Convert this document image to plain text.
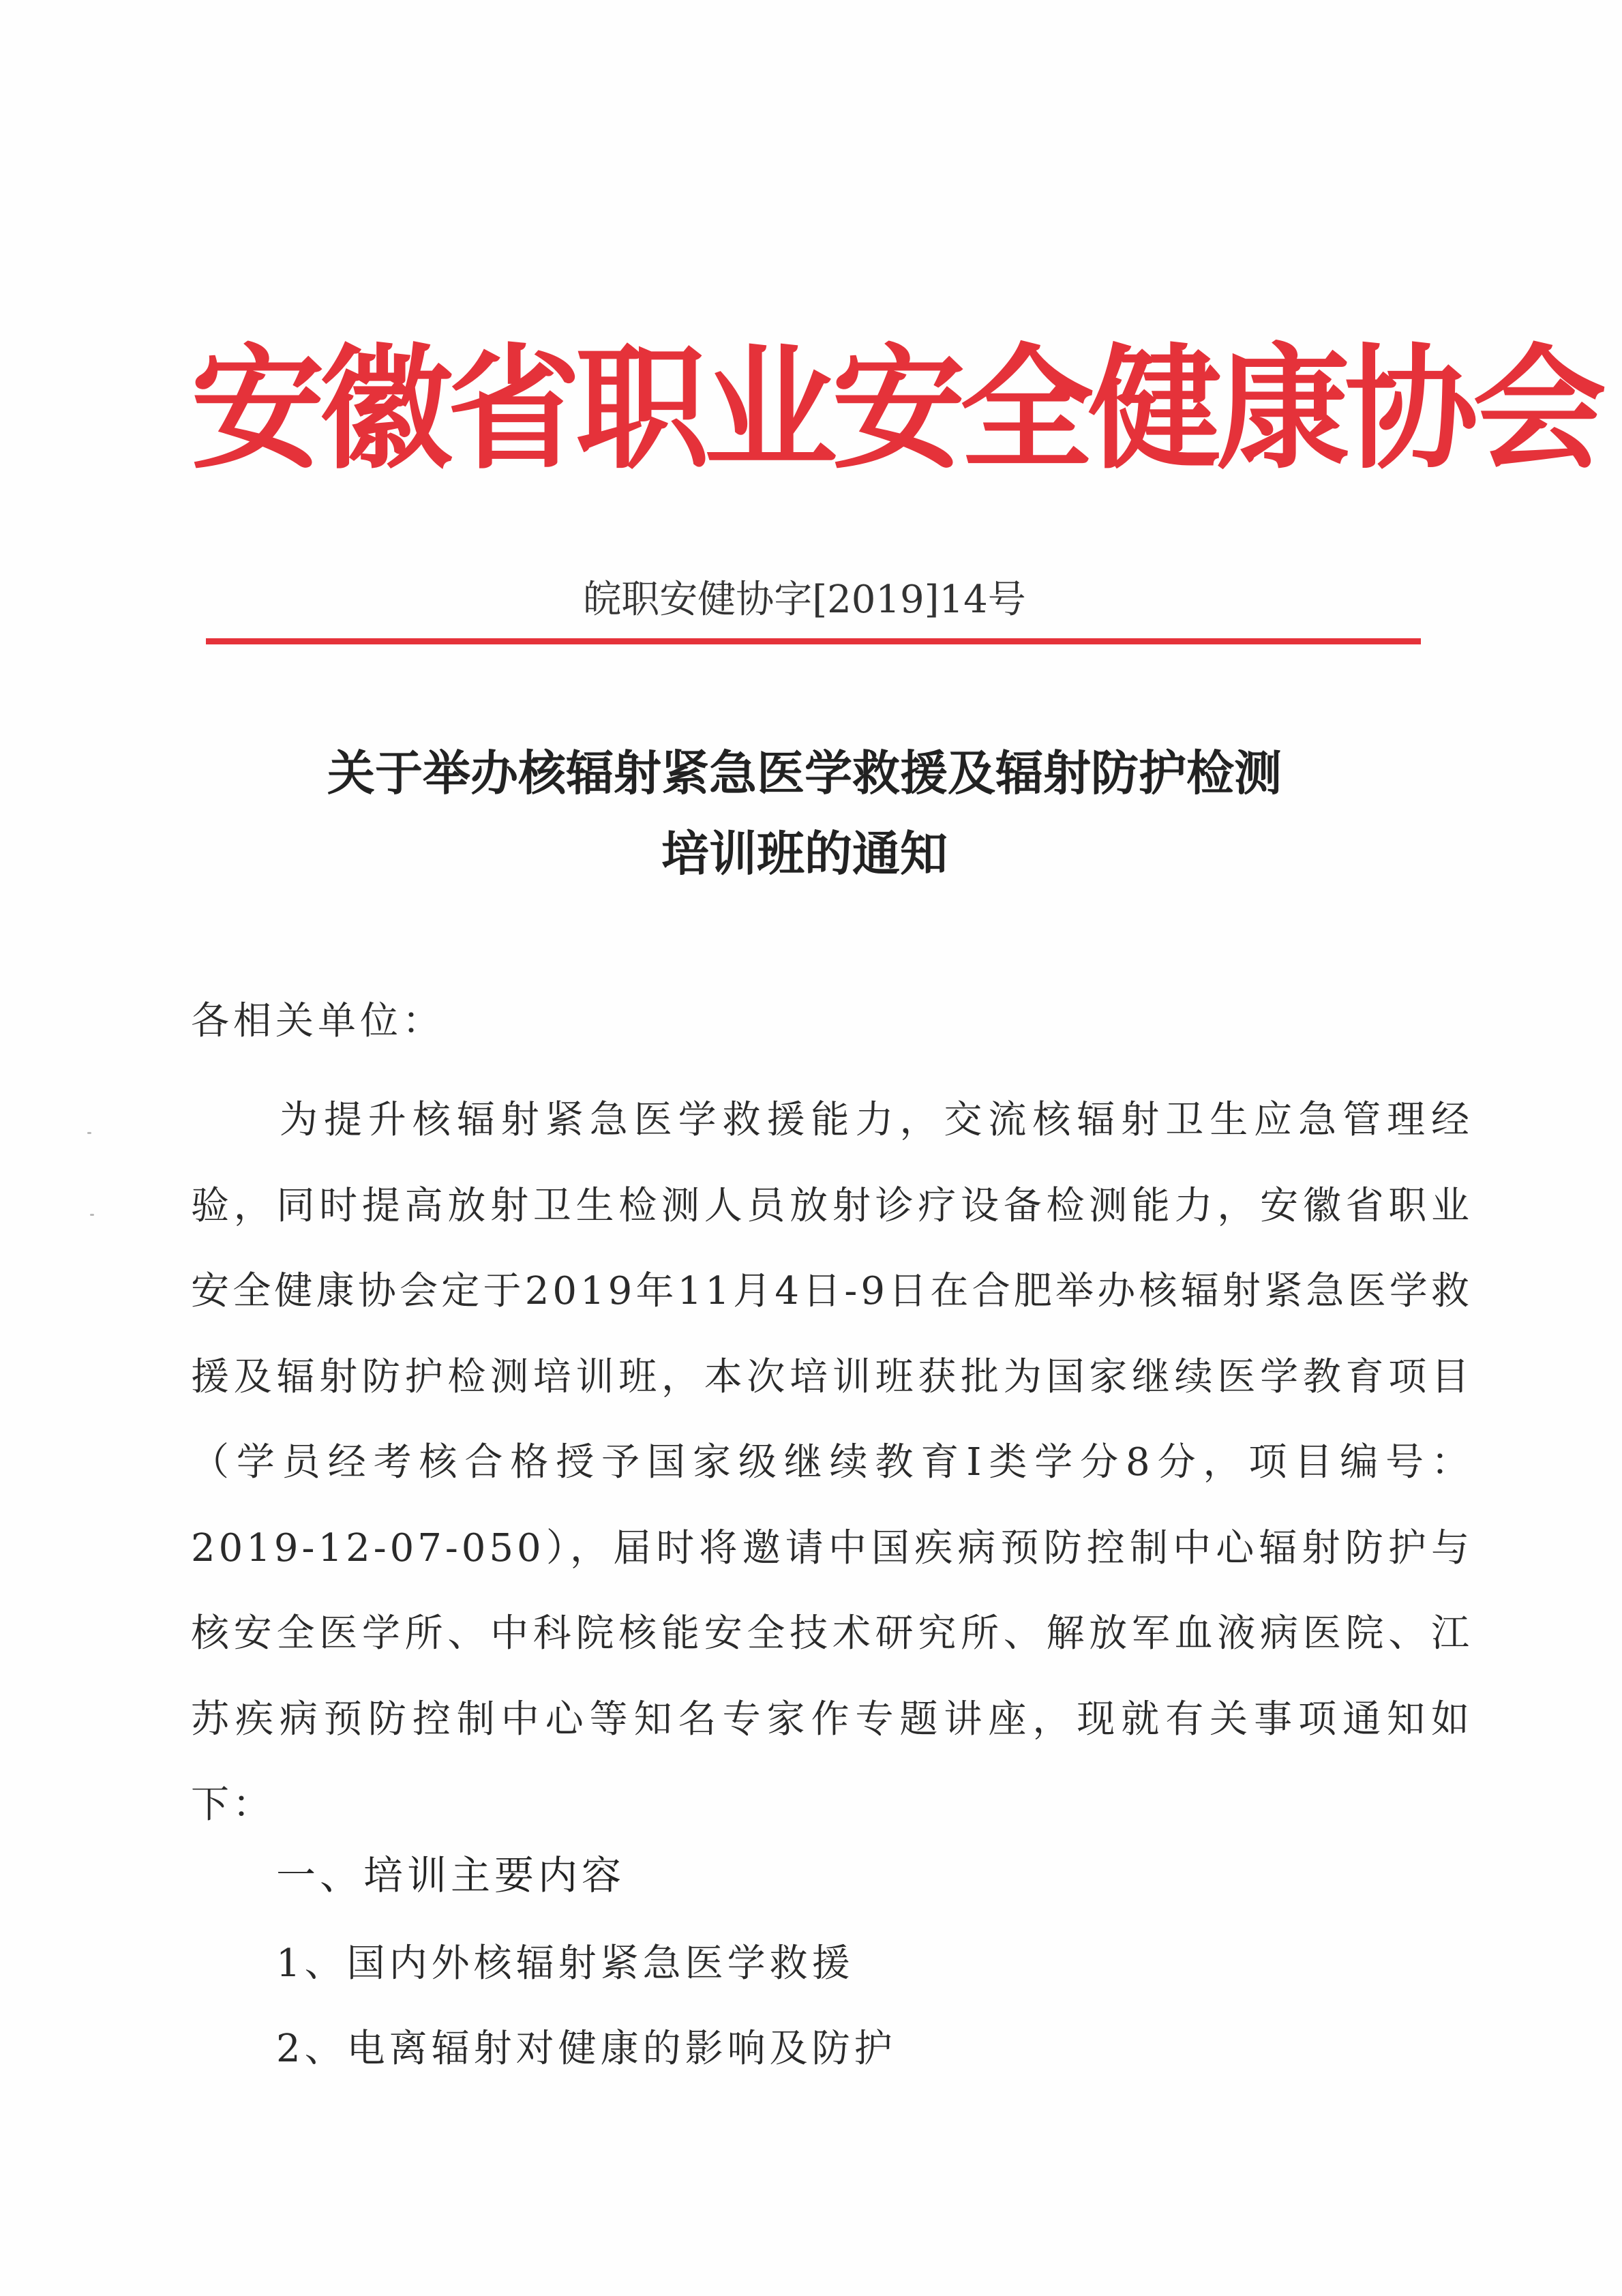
安徽省职业安全健康协会
皖职安健协字[2019]14号
关于举办核辐射紧急医学救援及辐射防护检测
培训班的通知
各相关单位：

为提升核辐射紧急医学救援能力，交流核辐射卫生应急管理经验，同时提高放射卫生检测人员放射诊疗设备检测能力，安徽省职业安全健康协会定于2019年11月4日-9日在合肥举办核辐射紧急医学救援及辐射防护检测培训班，本次培训班获批为国家继续医学教育项目（学员经考核合格授予国家级继续教育I类学分8分，项目编号：2019-12-07-050），届时将邀请中国疾病预防控制中心辐射防护与核安全医学所、中科院核能安全技术研究所、解放军血液病医院、江苏疾病预防控制中心等知名专家作专题讲座，现就有关事项通知如下：

一、培训主要内容
1、国内外核辐射紧急医学救援
2、电离辐射对健康的影响及防护
